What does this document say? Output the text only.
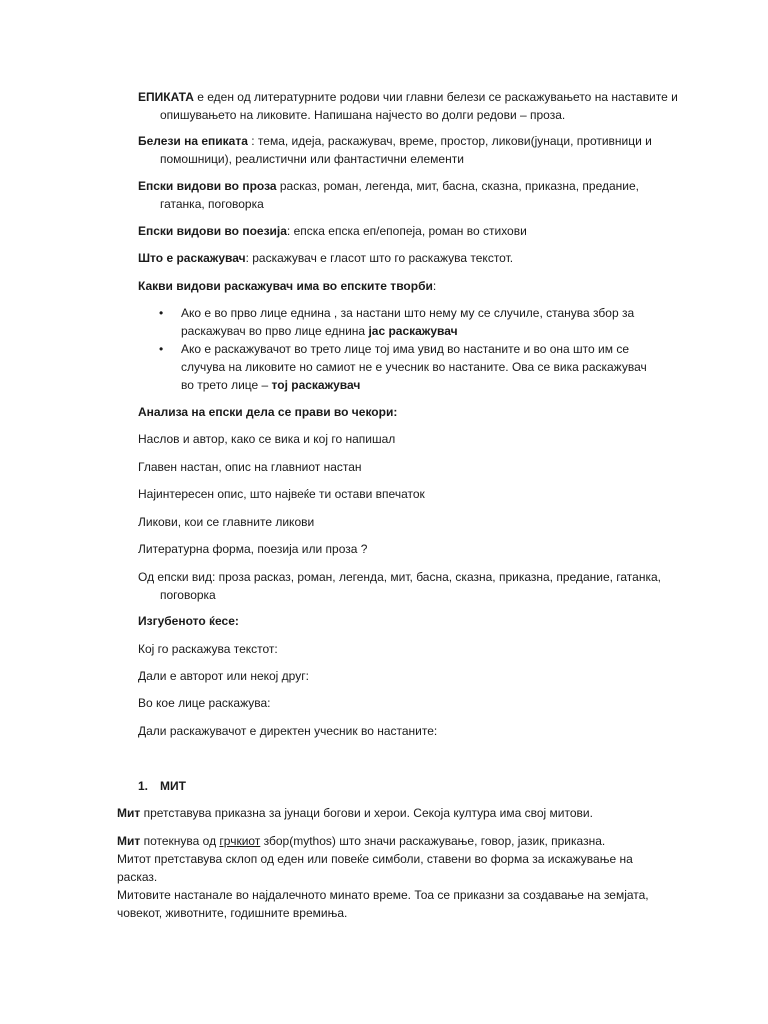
ЕПИКАТА е еден од литературните родови чии главни белези се раскажувањето на наставите и опишувањето на ликовите. Напишана најчесто во долги редови – проза.

Белези на епиката : тема, идеја, раскажувач, време, простор, ликови(јунаци, противници и помошници), реалистични или фантастични елементи

Епски видови во проза расказ, роман, легенда, мит, басна, сказна, приказна, предание, гатанка, поговорка

Епски видови во поезија: епска епска еп/епопеја, роман во стихови

Што е раскажувач: раскажувач е гласот што го раскажува текстот.

Какви видови раскажувач има во епските творби:

• Ако е во прво лице еднина , за настани што нему му се случиле, станува збор за раскажувач во прво лице еднина јас раскажувач
• Ако е раскажувачот во трето лице тој има увид во настаните и во она што им се случува на ликовите но самиот не е учесник во настаните. Ова се вика раскажувач во трето лице – тој раскажувач

Анализа на епски дела се прави во чекори:

Наслов и автор, како се вика и кој го напишал

Главен настан, опис на главниот настан

Најинтересен опис, што највеќе ти остави впечаток

Ликови, кои се главните ликови

Литературна форма, поезија или проза ?

Од епски вид: проза расказ, роман, легенда, мит, басна, сказна, приказна, предание, гатанка, поговорка

Изгубеното ќесе:

Кој го раскажува текстот:

Дали е авторот или некој друг:

Во кое лице раскажува:

Дали раскажувачот е директен учесник во настаните:

1. МИТ

Мит претставува приказна за јунаци богови и херои. Секоја култура има свој митови.

Мит потекнува од грчкиот збор(mythos) што значи раскажување, говор, јазик, приказна.
Митот претставува склоп од еден или повеќе симболи, ставени во форма за искажување на расказ.
Митовите настанале во најдалечното минато време. Тоа се приказни за создавање на земјата, човекот, животните, годишните времиња.
